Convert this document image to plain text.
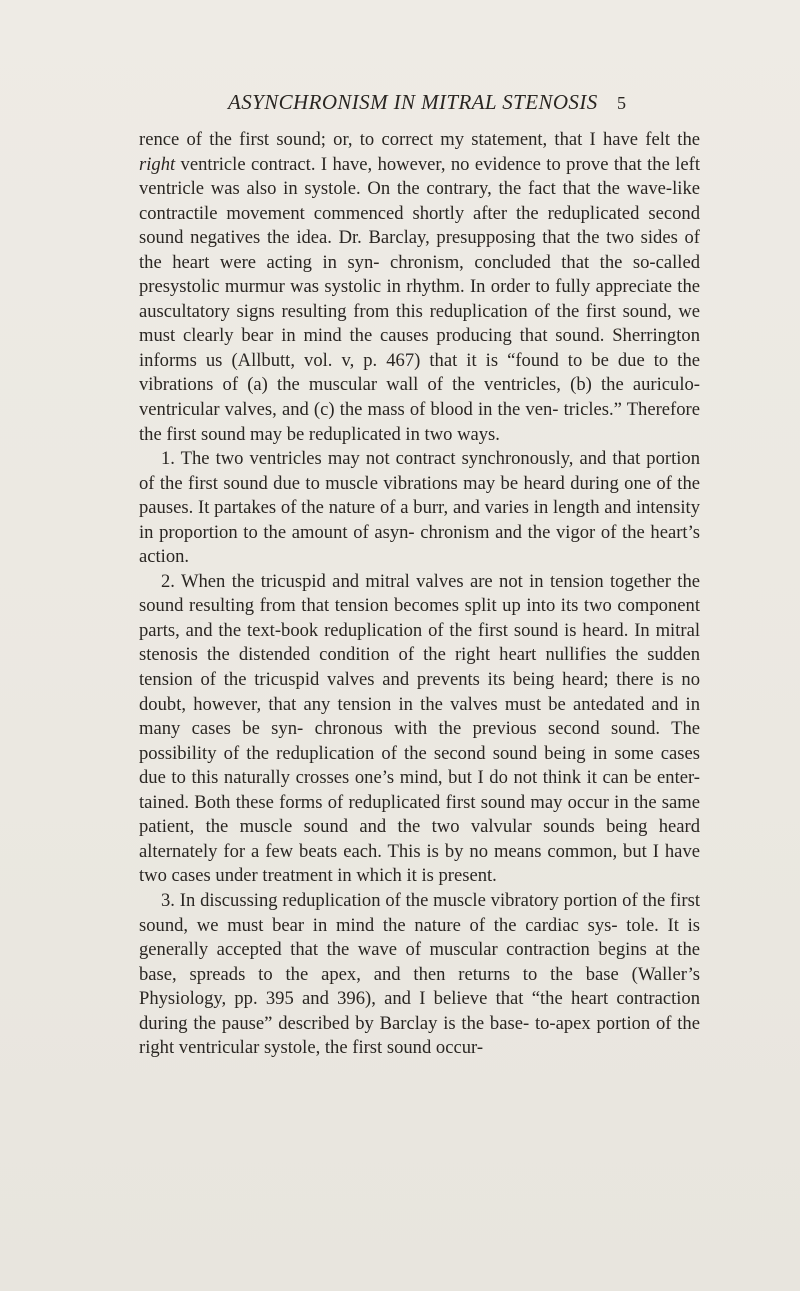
ASYNCHRONISM IN MITRAL STENOSIS 5

rence of the first sound; or, to correct my statement, that I have felt the right ventricle contract. I have, however, no evidence to prove that the left ventricle was also in systole. On the contrary, the fact that the wave-like contractile movement commenced shortly after the reduplicated second sound negatives the idea. Dr. Barclay, presupposing that the two sides of the heart were acting in syn- chronism, concluded that the so-called presystolic murmur was systolic in rhythm. In order to fully appreciate the auscultatory signs resulting from this reduplication of the first sound, we must clearly bear in mind the causes producing that sound. Sherrington informs us (Allbutt, vol. v, p. 467) that it is “found to be due to the vibrations of (a) the muscular wall of the ventricles, (b) the auriculo-ventricular valves, and (c) the mass of blood in the ven- tricles.” Therefore the first sound may be reduplicated in two ways.

1. The two ventricles may not contract synchronously, and that portion of the first sound due to muscle vibrations may be heard during one of the pauses. It partakes of the nature of a burr, and varies in length and intensity in proportion to the amount of asyn- chronism and the vigor of the heart’s action.

2. When the tricuspid and mitral valves are not in tension together the sound resulting from that tension becomes split up into its two component parts, and the text-book reduplication of the first sound is heard. In mitral stenosis the distended condition of the right heart nullifies the sudden tension of the tricuspid valves and prevents its being heard; there is no doubt, however, that any tension in the valves must be antedated and in many cases be syn- chronous with the previous second sound. The possibility of the reduplication of the second sound being in some cases due to this naturally crosses one’s mind, but I do not think it can be enter- tained. Both these forms of reduplicated first sound may occur in the same patient, the muscle sound and the two valvular sounds being heard alternately for a few beats each. This is by no means common, but I have two cases under treatment in which it is present.

3. In discussing reduplication of the muscle vibratory portion of the first sound, we must bear in mind the nature of the cardiac sys- tole. It is generally accepted that the wave of muscular contraction begins at the base, spreads to the apex, and then returns to the base (Waller’s Physiology, pp. 395 and 396), and I believe that “the heart contraction during the pause” described by Barclay is the base- to-apex portion of the right ventricular systole, the first sound occur-
